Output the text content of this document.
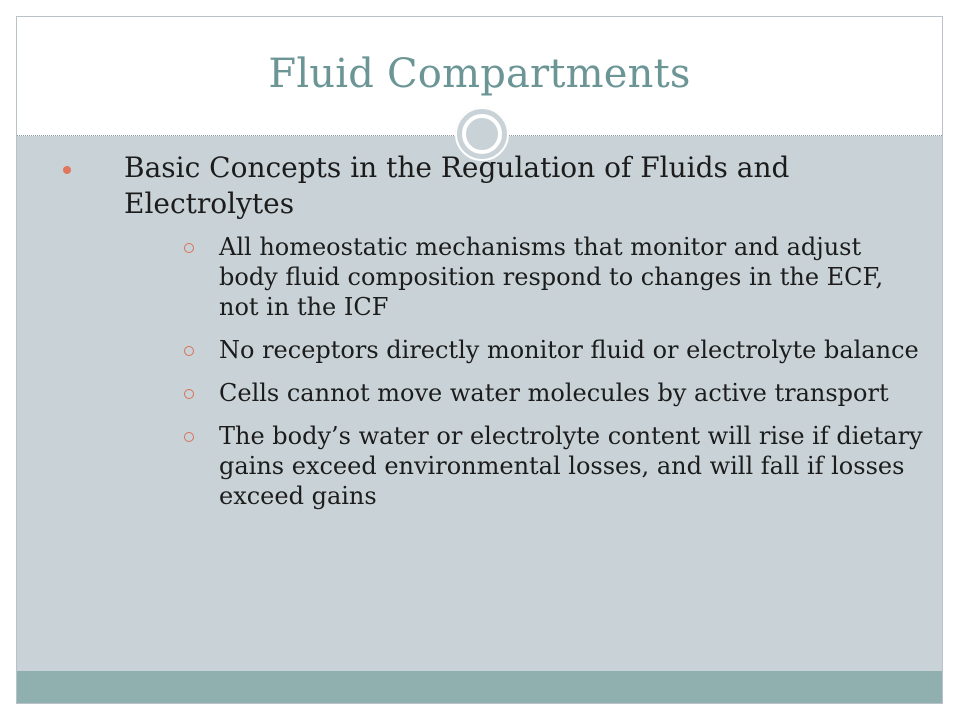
Fluid Compartments
Basic Concepts in the Regulation of Fluids and Electrolytes
All homeostatic mechanisms that monitor and adjust body fluid composition respond to changes in the ECF, not in the ICF
No receptors directly monitor fluid or electrolyte balance
Cells cannot move water molecules by active transport
The body’s water or electrolyte content will rise if dietary gains exceed environmental losses, and will fall if losses exceed gains
